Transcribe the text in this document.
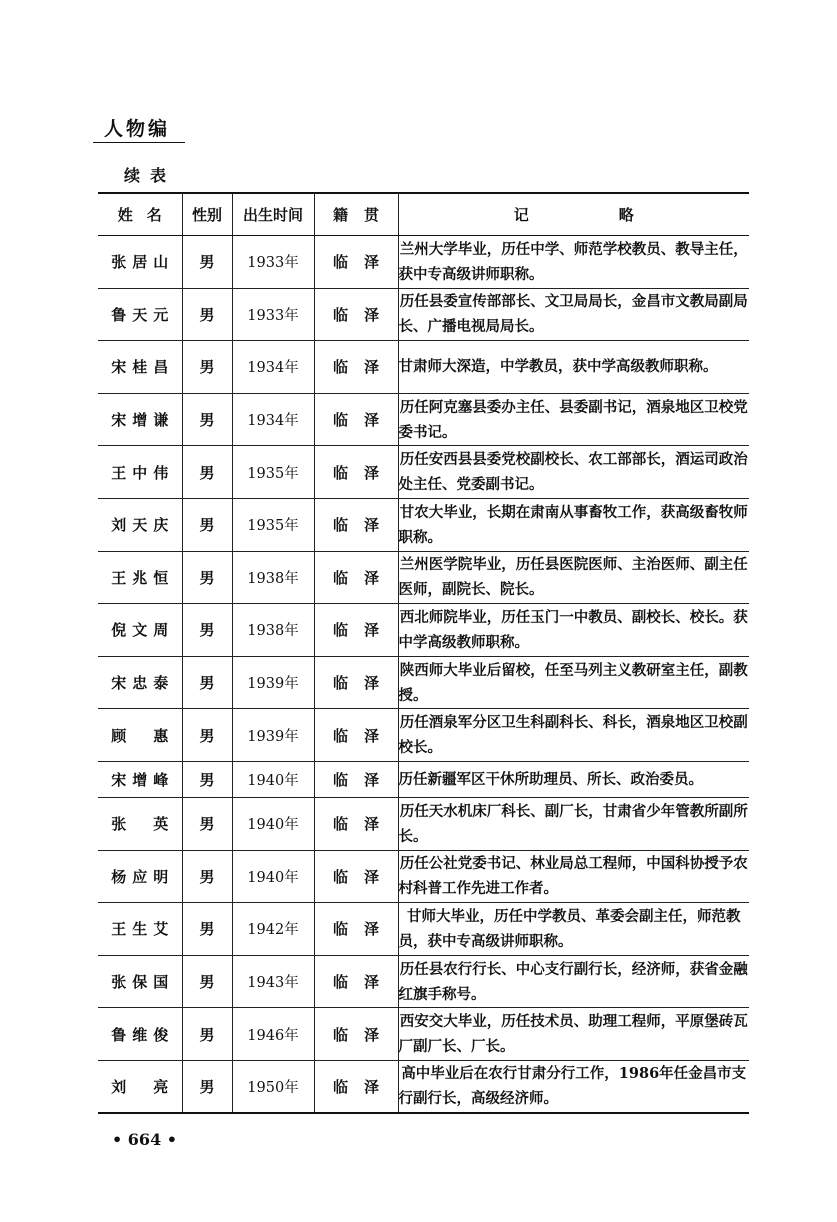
人物编
续表
姓名	性别	出生时间	籍贯	记略
张居山	男	1933年	临泽	兰州大学毕业，历任中学、师范学校教员、教导主任，获中专高级讲师职称。
鲁天元	男	1933年	临泽	历任县委宣传部部长、文卫局局长，金昌市文教局副局长、广播电视局局长。
宋桂昌	男	1934年	临泽	甘肃师大深造，中学教员，获中学高级教师职称。
宋增谦	男	1934年	临泽	历任阿克塞县委办主任、县委副书记，酒泉地区卫校党委书记。
王中伟	男	1935年	临泽	历任安西县县委党校副校长、农工部部长，酒运司政治处主任、党委副书记。
刘天庆	男	1935年	临泽	甘农大毕业，长期在肃南从事畜牧工作，获高级畜牧师职称。
王兆恒	男	1938年	临泽	兰州医学院毕业，历任县医院医师、主治医师、副主任医师，副院长、院长。
倪文周	男	1938年	临泽	西北师院毕业，历任玉门一中教员、副校长、校长。获中学高级教师职称。
宋忠泰	男	1939年	临泽	陕西师大毕业后留校，任至马列主义教研室主任，副教授。
顾　惠	男	1939年	临泽	历任酒泉军分区卫生科副科长、科长，酒泉地区卫校副校长。
宋增峰	男	1940年	临泽	历任新疆军区干休所助理员、所长、政治委员。
张　英	男	1940年	临泽	历任天水机床厂科长、副厂长，甘肃省少年管教所副所长。
杨应明	男	1940年	临泽	历任公社党委书记、林业局总工程师，中国科协授予农村科普工作先进工作者。
王生艾	男	1942年	临泽	甘师大毕业，历任中学教员、革委会副主任，师范教员，获中专高级讲师职称。
张保国	男	1943年	临泽	历任县农行行长、中心支行副行长，经济师，获省金融红旗手称号。
鲁维俊	男	1946年	临泽	西安交大毕业，历任技术员、助理工程师，平原堡砖瓦厂副厂长、厂长。
刘　亮	男	1950年	临泽	高中毕业后在农行甘肃分行工作，1986年任金昌市支行副行长，高级经济师。
• 664 •
